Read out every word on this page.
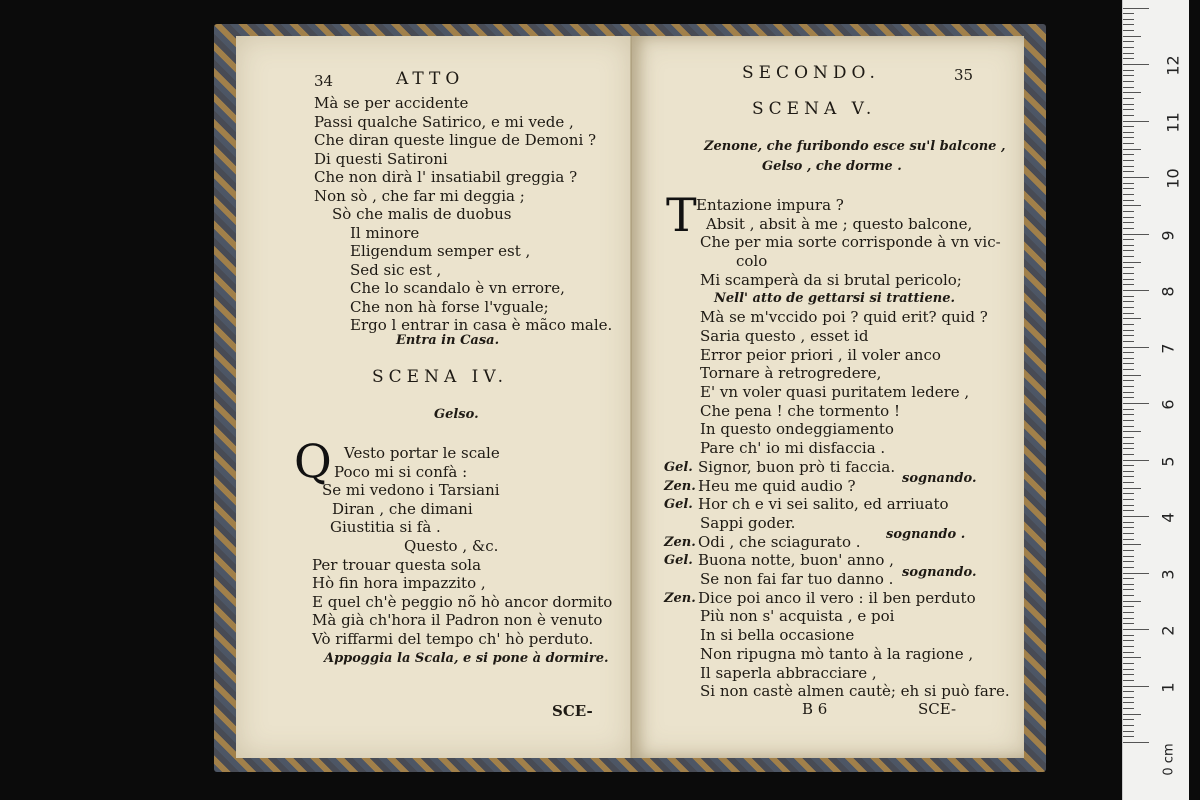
34	ATTO
Mà se per accidente
Passi qualche Satirico, e mi vede ,
Che diran queste lingue de Demoni ?
Di questi Satironi
Che non dirà l' insatiabil greggia ?
Non sò , che far mi deggia ;
Sò che malis de duobus
Il minore
Eligendum semper est ,
Sed sic est ,
Che lo scandalo è vn errore,
Che non hà forse l'vguale;
Ergo l entrar in casa è mãco male.
Entra in Casa.
SCENA IV.
Gelso.
Q Vesto portar le scale
Poco mi si confà :
Se mi vedono i Tarsiani
Diran , che dimani
Giustitia si fà .
Questo , &c.
Per trouar questa sola
Hò fin hora impazzito ,
E quel ch'è peggio nõ hò ancor dormito
Mà già ch'hora il Padron non è venuto
Vò riffarmi del tempo ch' hò perduto.
Appoggia la Scala, e si pone à dormire.
SCE-
SECONDO.	35
SCENA V.
Zenone, che furibondo esce su'l balcone ,
Gelso , che dorme .
T Entazione impura ?
Absit , absit à me ; questo balcone,
Che per mia sorte corrisponde à vn vic-
colo
Mi scamperà da si brutal pericolo;
Nell' atto de gettarsi si trattiene.
Mà se m'vccido poi ? quid erit? quid ?
Saria questo , esset id
Error peior priori , il voler anco
Tornare à retrogredere,
E' vn voler quasi puritatem ledere ,
Che pena ! che tormento !
In questo ondeggiamento
Pare ch' io mi disfaccia .
Gel. Signor, buon prò ti faccia.
Zen. Heu me quid audio ?
Gel. Hor ch e vi sei salito, ed arriuato
Sappi goder.
Zen. Odi , che sciagurato .
Gel. Buona notte, buon' anno ,
Se non fai far tuo danno .
Zen. Dice poi anco il vero : il ben perduto
Più non s' acquista , e poi
In si bella occasione
Non ripugna mò tanto à la ragione ,
Il saperla abbracciare ,
Si non castè almen cautè; eh si può fare.
sognando.
sognando .
sognando.
B 6	SCE-
1
2
3
4
5
6
7
8
9
10
11
12
0 cm
